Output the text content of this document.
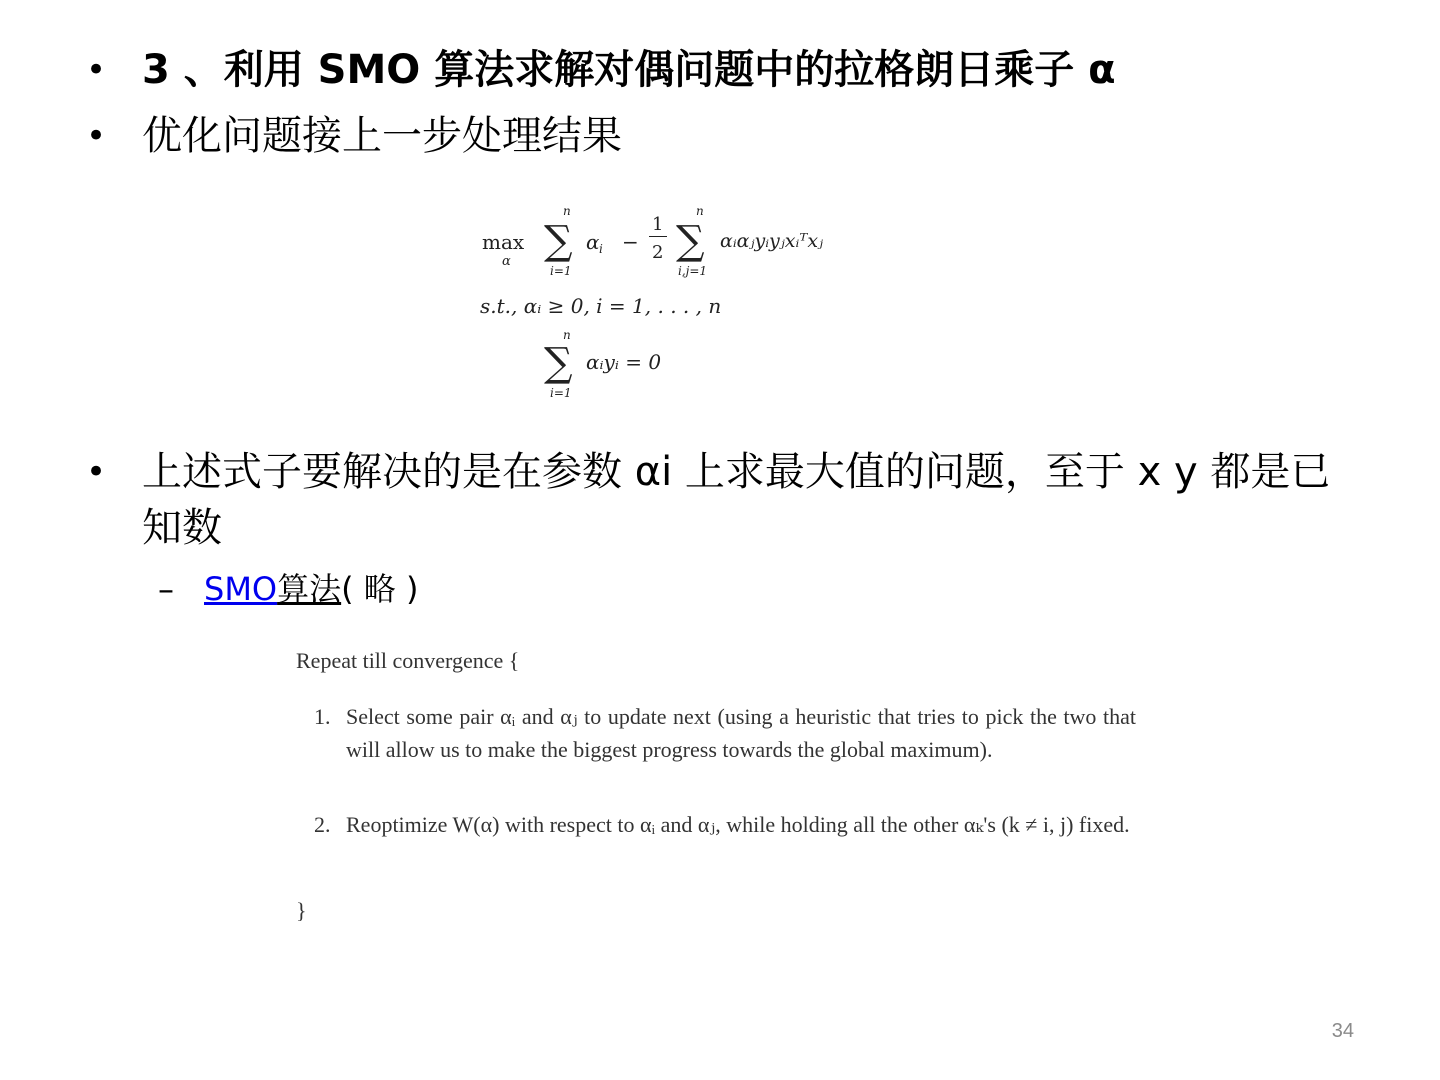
• 3 、利用 SMO 算法求解对偶问题中的拉格朗日乘子 α
• 优化问题接上一步处理结果
max
α
n
∑
i=1
α i −
1
2
n
∑
i,j=1
αᵢαⱼyᵢyⱼxᵢᵀxⱼ
s.t., αᵢ ≥ 0, i = 1, . . . , n
n
∑
i=1
αᵢyᵢ = 0
• 上述式子要解决的是在参数 αi 上求最大值的问题，至于 x y 都是已知数
– SMO算法( 略 )
Repeat till convergence {
1. Select some pair αᵢ and αⱼ to update next (using a heuristic that tries to pick the two that will allow us to make the biggest progress towards the global maximum).
2. Reoptimize W(α) with respect to αᵢ and αⱼ, while holding all the other αₖ's (k ≠ i, j) fixed.
}
34
